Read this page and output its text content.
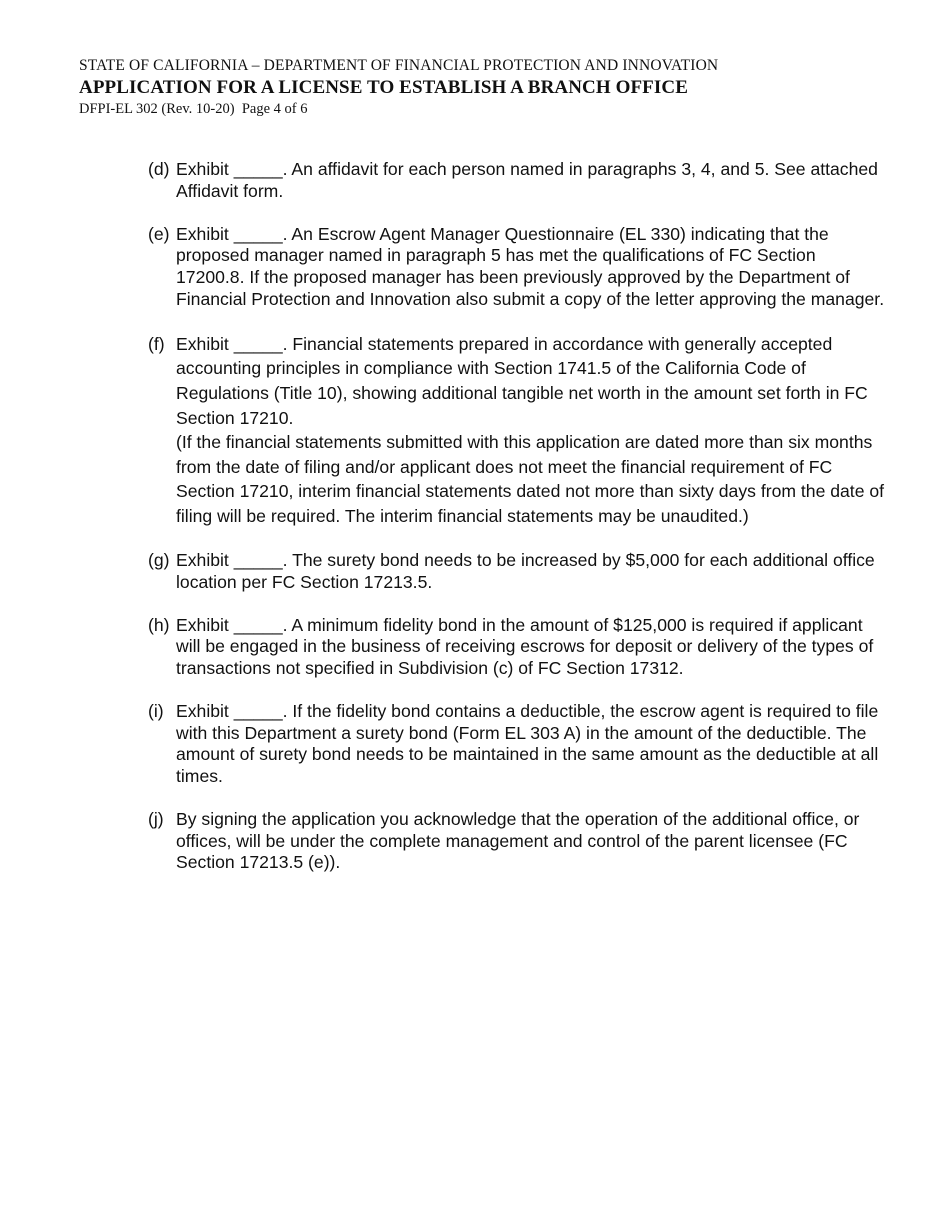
STATE OF CALIFORNIA – DEPARTMENT OF FINANCIAL PROTECTION AND INNOVATION
APPLICATION FOR A LICENSE TO ESTABLISH A BRANCH OFFICE
DFPI-EL 302 (Rev. 10-20)  Page 4 of 6
(d) Exhibit _____. An affidavit for each person named in paragraphs 3, 4, and 5. See attached Affidavit form.
(e) Exhibit _____. An Escrow Agent Manager Questionnaire (EL 330) indicating that the proposed manager named in paragraph 5 has met the qualifications of FC Section 17200.8. If the proposed manager has been previously approved by the Department of Financial Protection and Innovation also submit a copy of the letter approving the manager.
(f) Exhibit _____. Financial statements prepared in accordance with generally accepted accounting principles in compliance with Section 1741.5 of the California Code of Regulations (Title 10), showing additional tangible net worth in the amount set forth in FC Section 17210.
(If the financial statements submitted with this application are dated more than six months from the date of filing and/or applicant does not meet the financial requirement of FC Section 17210, interim financial statements dated not more than sixty days from the date of filing will be required. The interim financial statements may be unaudited.)
(g) Exhibit _____. The surety bond needs to be increased by $5,000 for each additional office location per FC Section 17213.5.
(h) Exhibit _____. A minimum fidelity bond in the amount of $125,000 is required if applicant will be engaged in the business of receiving escrows for deposit or delivery of the types of transactions not specified in Subdivision (c) of FC Section 17312.
(i) Exhibit _____. If the fidelity bond contains a deductible, the escrow agent is required to file with this Department a surety bond (Form EL 303 A) in the amount of the deductible. The amount of surety bond needs to be maintained in the same amount as the deductible at all times.
(j) By signing the application you acknowledge that the operation of the additional office, or offices, will be under the complete management and control of the parent licensee (FC Section 17213.5 (e)).
